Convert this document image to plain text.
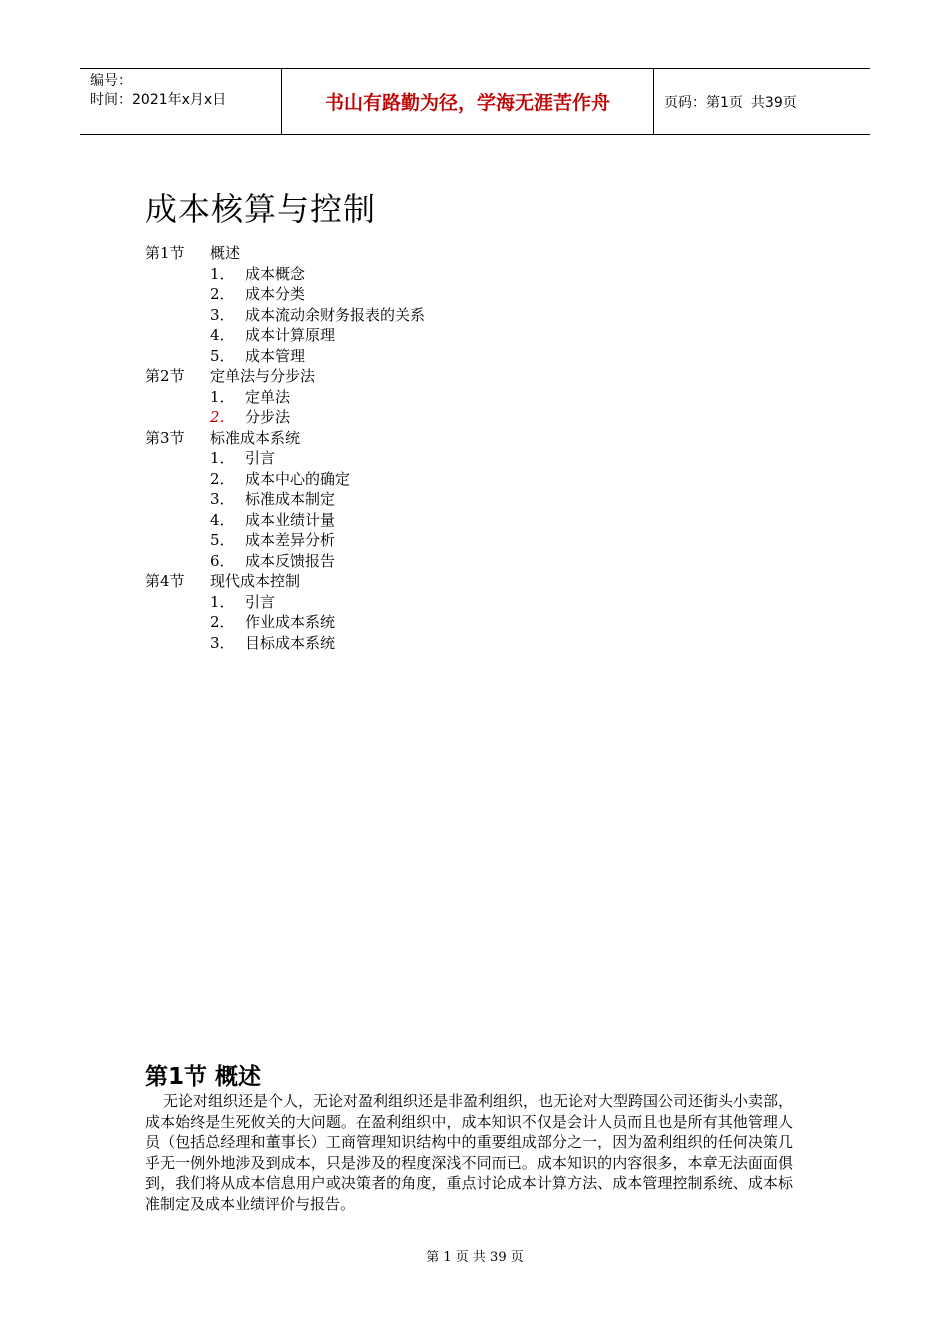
编号：
时间：2021年x月x日	书山有路勤为径，学海无涯苦作舟	页码：第1页 共39页
成本核算与控制
第1节	概述
1． 成本概念
2． 成本分类
3． 成本流动余财务报表的关系
4． 成本计算原理
5． 成本管理
第2节	定单法与分步法
1． 定单法
2． 分步法
第3节	标准成本系统
1． 引言
2． 成本中心的确定
3． 标准成本制定
4． 成本业绩计量
5． 成本差异分析
6． 成本反馈报告
第4节	现代成本控制
1． 引言
2． 作业成本系统
3． 目标成本系统
第1节 概述

无论对组织还是个人，无论对盈利组织还是非盈利组织，也无论对大型跨国公司还街头小卖部，成本始终是生死攸关的大问题。在盈利组织中，成本知识不仅是会计人员而且也是所有其他管理人员（包括总经理和董事长）工商管理知识结构中的重要组成部分之一，因为盈利组织的任何决策几乎无一例外地涉及到成本，只是涉及的程度深浅不同而已。成本知识的内容很多，本章无法面面俱到，我们将从成本信息用户或决策者的角度，重点讨论成本计算方法、成本管理控制系统、成本标准制定及成本业绩评价与报告。

第 1 页 共 39 页
